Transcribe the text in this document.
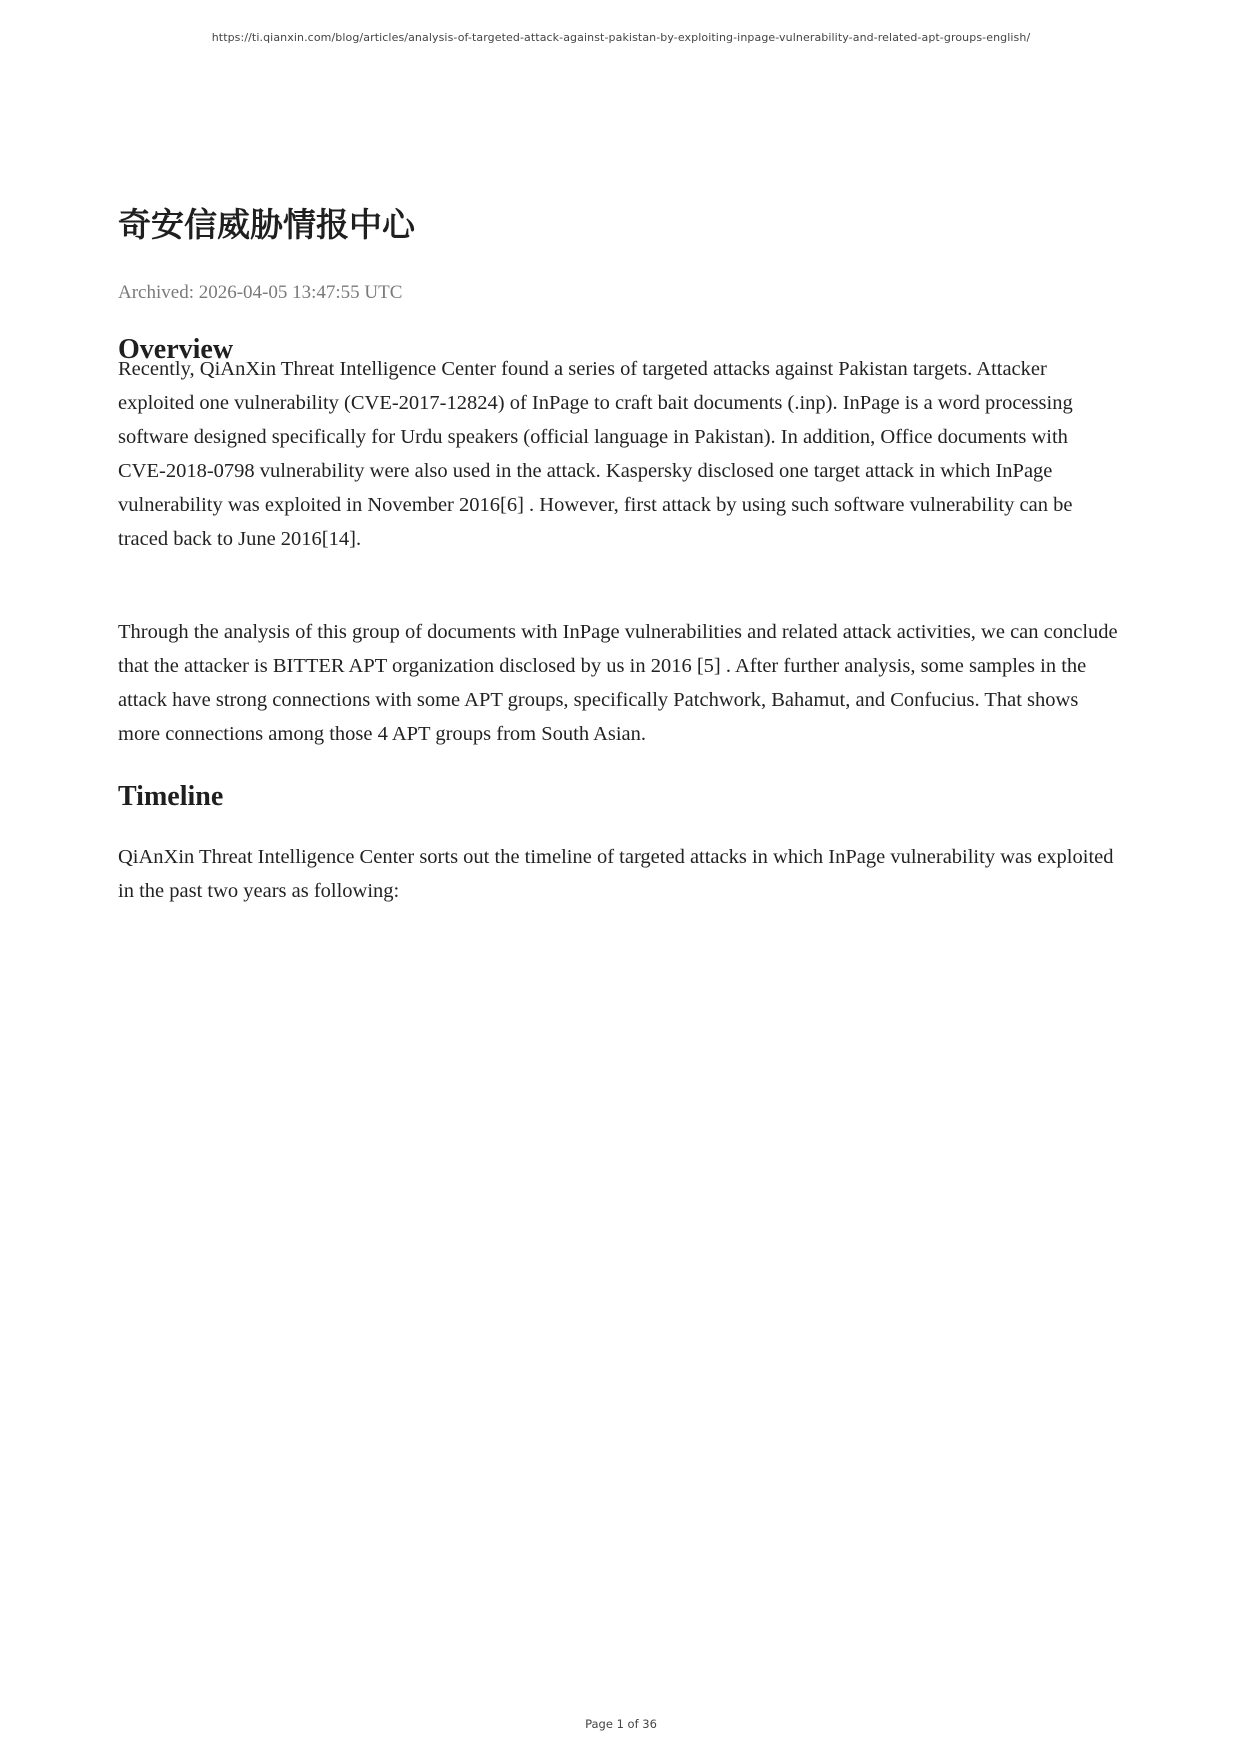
https://ti.qianxin.com/blog/articles/analysis-of-targeted-attack-against-pakistan-by-exploiting-inpage-vulnerability-and-related-apt-groups-english/
奇安信威胁情报中心

Archived: 2026-04-05 13:47:55 UTC

Overview

Recently, QiAnXin Threat Intelligence Center found a series of targeted attacks against Pakistan targets. Attacker exploited one vulnerability (CVE-2017-12824) of InPage to craft bait documents (.inp). InPage is a word processing software designed specifically for Urdu speakers (official language in Pakistan). In addition, Office documents with CVE-2018-0798 vulnerability were also used in the attack. Kaspersky disclosed one target attack in which InPage vulnerability was exploited in November 2016[6] . However, first attack by using such software vulnerability can be traced back to June 2016[14].

Through the analysis of this group of documents with InPage vulnerabilities and related attack activities, we can conclude that the attacker is BITTER APT organization disclosed by us in 2016 [5] . After further analysis, some samples in the attack have strong connections with some APT groups, specifically Patchwork, Bahamut, and Confucius. That shows more connections among those 4 APT groups from South Asian.

Timeline

QiAnXin Threat Intelligence Center sorts out the timeline of targeted attacks in which InPage vulnerability was exploited in the past two years as following:

Page 1 of 36
